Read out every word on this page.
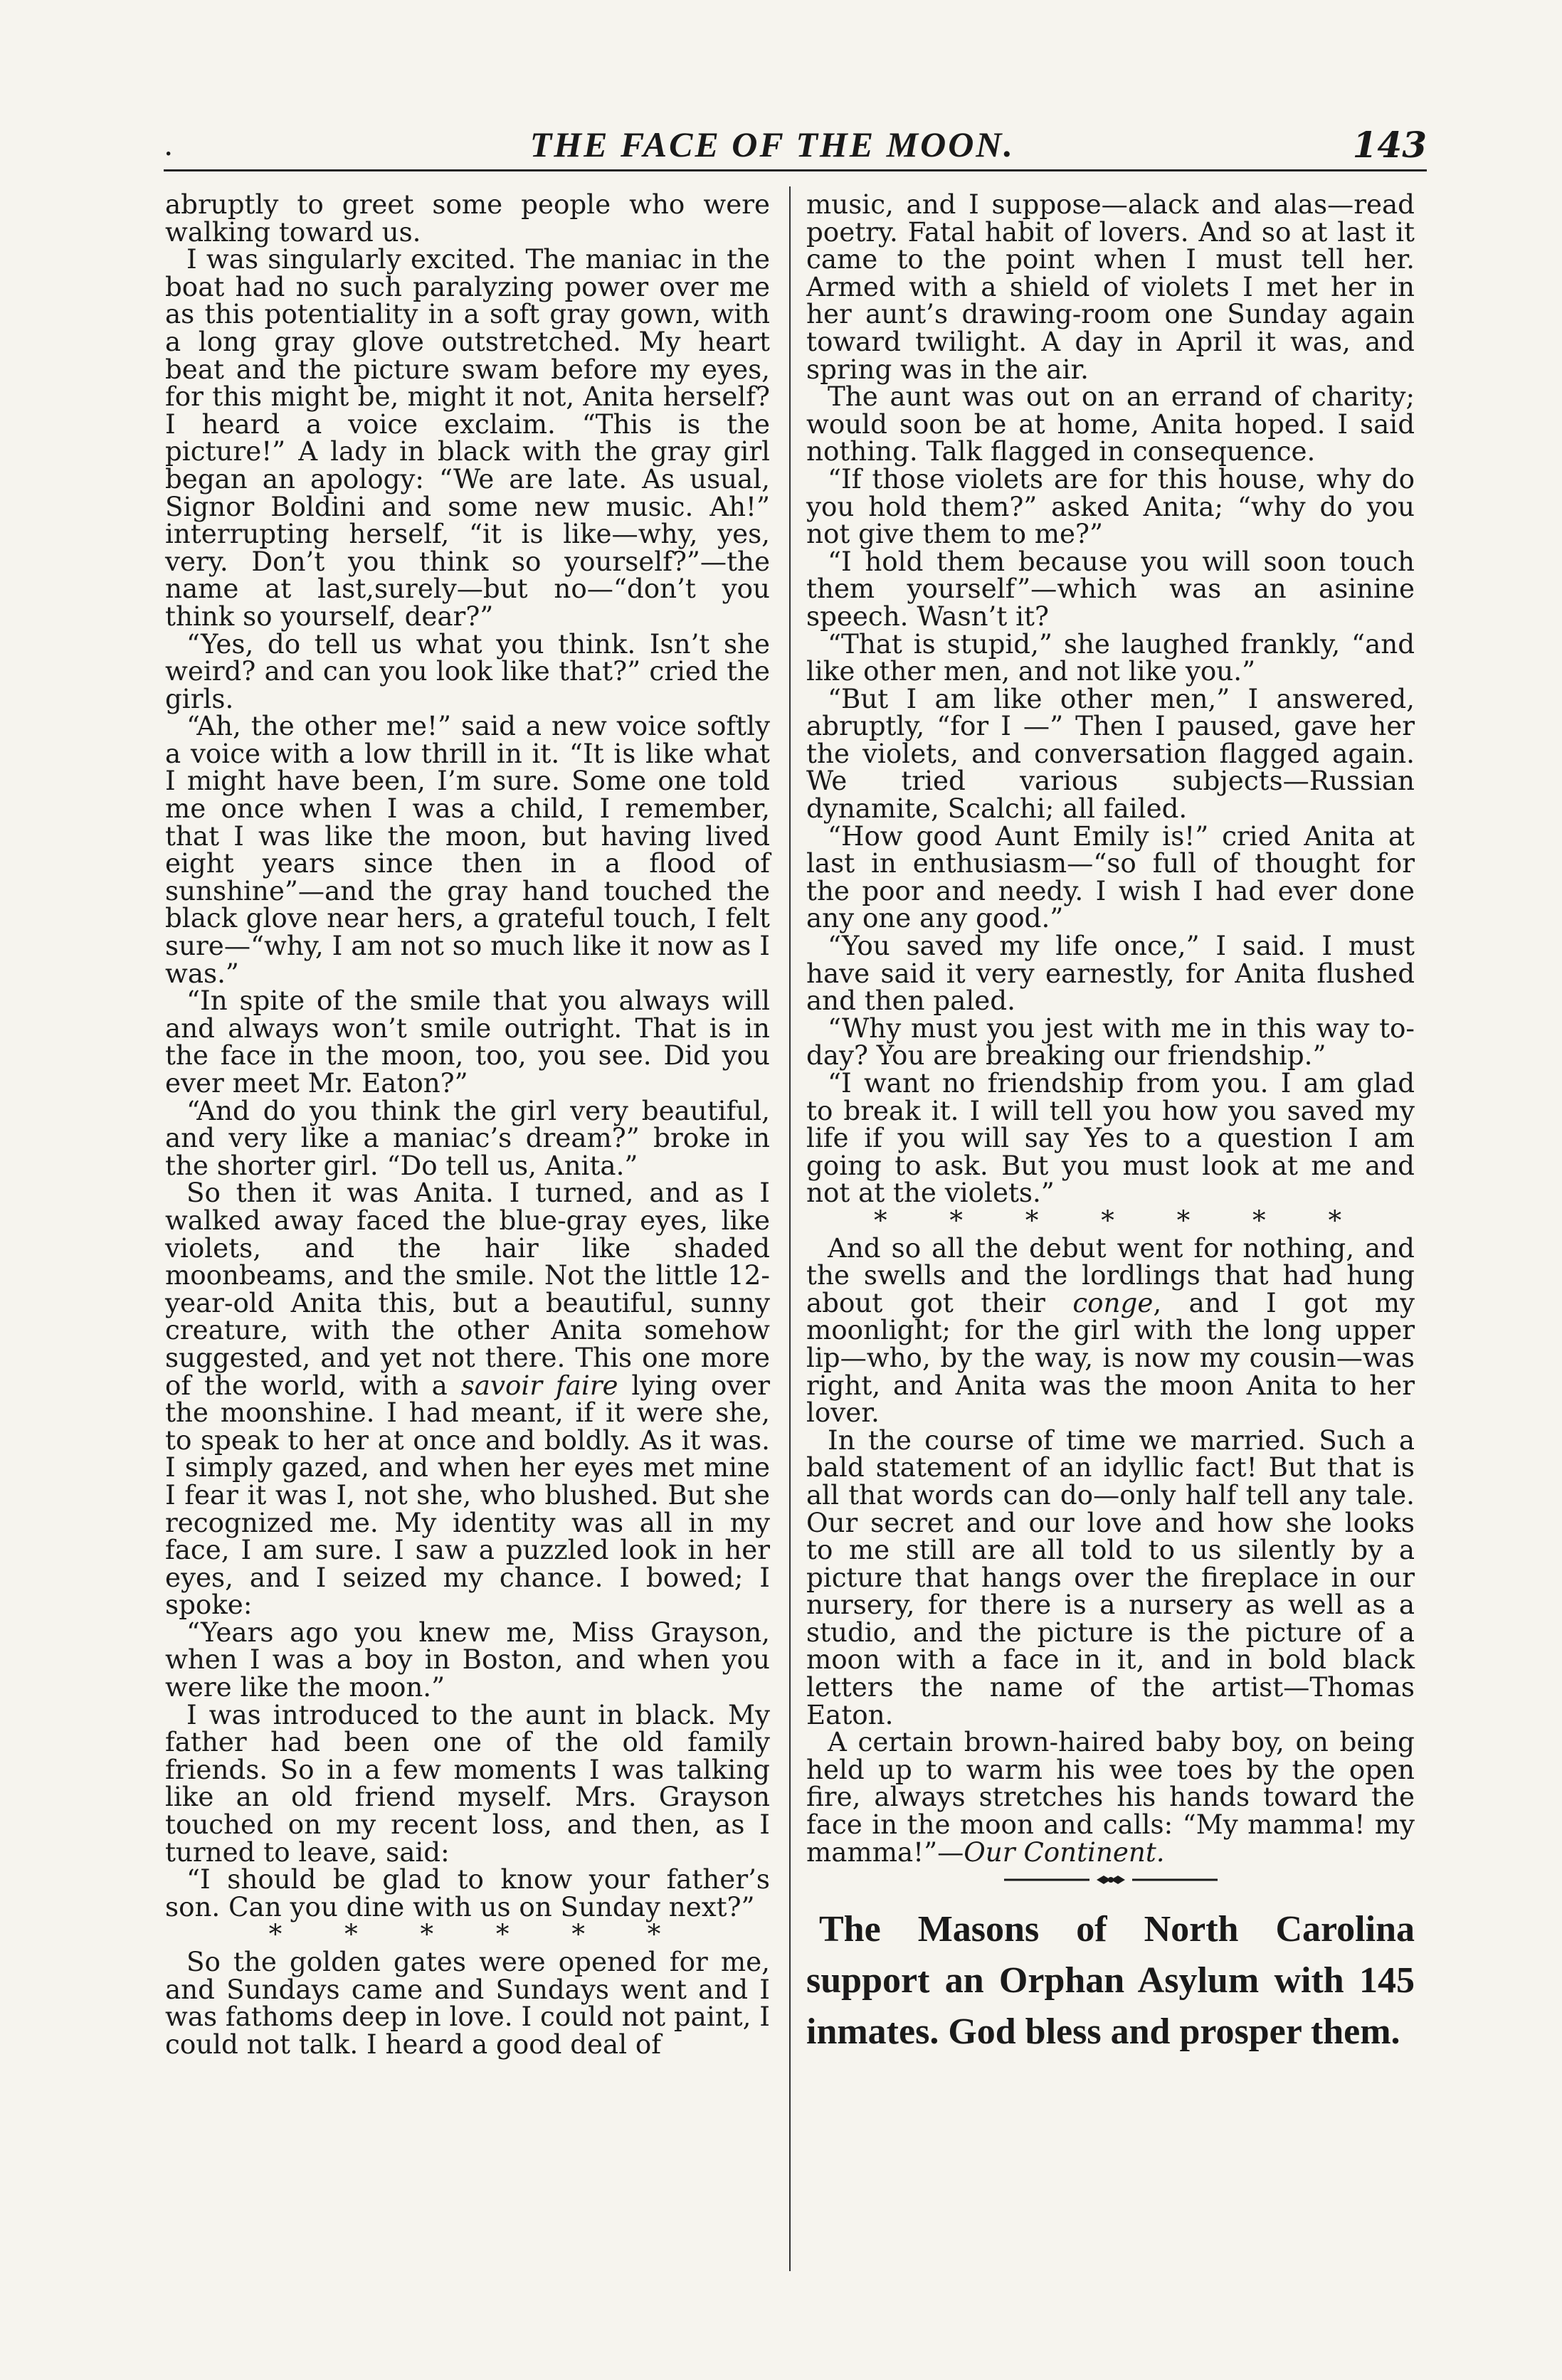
.	THE FACE OF THE MOON.	143

abruptly to greet some people who were walking toward us.

I was singularly excited. The maniac in the boat had no such paralyzing power over me as this potentiality in a soft gray gown, with a long gray glove outstretched. My heart beat and the picture swam before my eyes, for this might be, might it not, Anita herself? I heard a voice exclaim. “This is the picture!” A lady in black with the gray girl began an apology: “We are late. As usual, Signor Boldini and some new music. Ah!” interrupting herself, “it is like—why, yes, very. Don’t you think so yourself?”—the name at last,surely—but no—“don’t you think so yourself, dear?”

“Yes, do tell us what you think. Isn’t she weird? and can you look like that?” cried the girls.

“Ah, the other me!” said a new voice softly a voice with a low thrill in it. “It is like what I might have been, I’m sure. Some one told me once when I was a child, I remember, that I was like the moon, but having lived eight years since then in a flood of sunshine”—and the gray hand touched the black glove near hers, a grateful touch, I felt sure—“why, I am not so much like it now as I was.”

“In spite of the smile that you always will and always won’t smile outright. That is in the face in the moon, too, you see. Did you ever meet Mr. Eaton?”

“And do you think the girl very beautiful, and very like a maniac’s dream?” broke in the shorter girl. “Do tell us, Anita.”

So then it was Anita. I turned, and as I walked away faced the blue-gray eyes, like violets, and the hair like shaded moonbeams, and the smile. Not the little 12-year-old Anita this, but a beautiful, sunny creature, with the other Anita somehow suggested, and yet not there. This one more of the world, with a savoir faire lying over the moonshine. I had meant, if it were she, to speak to her at once and boldly. As it was. I simply gazed, and when her eyes met mine I fear it was I, not she, who blushed. But she recognized me. My identity was all in my face, I am sure. I saw a puzzled look in her eyes, and I seized my chance. I bowed; I spoke:

“Years ago you knew me, Miss Grayson, when I was a boy in Boston, and when you were like the moon.”

I was introduced to the aunt in black. My father had been one of the old family friends. So in a few moments I was talking like an old friend myself. Mrs. Grayson touched on my recent loss, and then, as I turned to leave, said:

“I should be glad to know your father’s son. Can you dine with us on Sunday next?”

* * * * * *

So the golden gates were opened for me, and Sundays came and Sundays went and I was fathoms deep in love. I could not paint, I could not talk. I heard a good deal of

music, and I suppose—alack and alas—read poetry. Fatal habit of lovers. And so at last it came to the point when I must tell her. Armed with a shield of violets I met her in her aunt’s drawing-room one Sunday again toward twilight. A day in April it was, and spring was in the air.

The aunt was out on an errand of charity; would soon be at home, Anita hoped. I said nothing. Talk flagged in consequence.

“If those violets are for this house, why do you hold them?” asked Anita; “why do you not give them to me?”

“I hold them because you will soon touch them yourself”—which was an asinine speech. Wasn’t it?

“That is stupid,” she laughed frankly, “and like other men, and not like you.”

“But I am like other men,” I answered, abruptly, “for I —” Then I paused, gave her the violets, and conversation flagged again. We tried various subjects—Russian dynamite, Scalchi; all failed.

“How good Aunt Emily is!” cried Anita at last in enthusiasm—“so full of thought for the poor and needy. I wish I had ever done any one any good.”

“You saved my life once,” I said. I must have said it very earnestly, for Anita flushed and then paled.

“Why must you jest with me in this way to-day? You are breaking our friendship.”

“I want no friendship from you. I am glad to break it. I will tell you how you saved my life if you will say Yes to a question I am going to ask. But you must look at me and not at the violets.”

* * * * * * *

And so all the debut went for nothing, and the swells and the lordlings that had hung about got their conge, and I got my moonlight; for the girl with the long upper lip—who, by the way, is now my cousin—was right, and Anita was the moon Anita to her lover.

In the course of time we married. Such a bald statement of an idyllic fact! But that is all that words can do—only half tell any tale. Our secret and our love and how she looks to me still are all told to us silently by a picture that hangs over the fireplace in our nursery, for there is a nursery as well as a studio, and the picture is the picture of a moon with a face in it, and in bold black letters the name of the artist—Thomas Eaton.

A certain brown-haired baby boy, on being held up to warm his wee toes by the open fire, always stretches his hands toward the face in the moon and calls: “My mamma! my mamma!”—Our Continent.

The Masons of North Carolina support an Orphan Asylum with 145 inmates. God bless and prosper them.
